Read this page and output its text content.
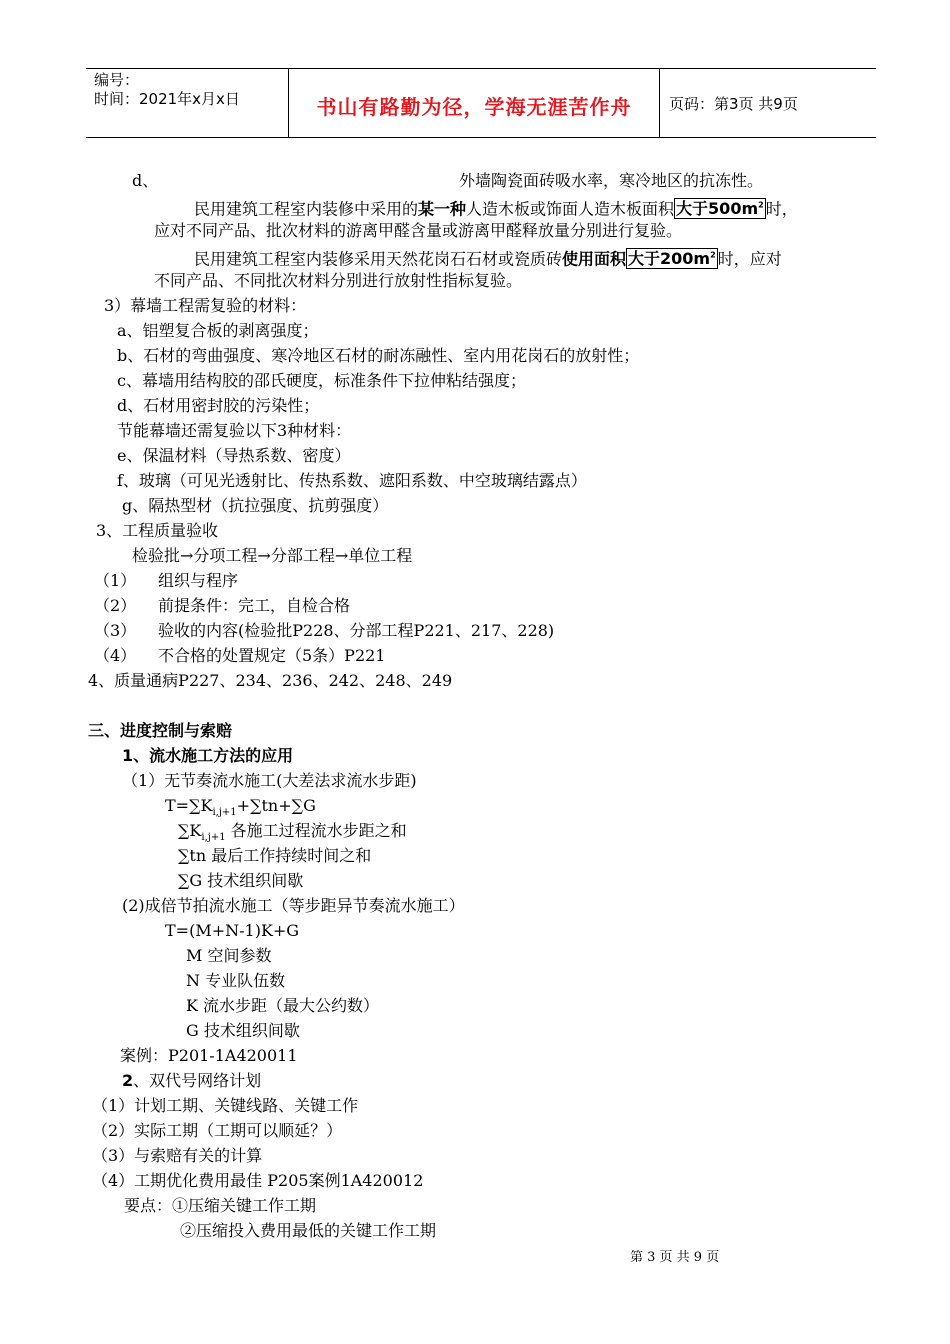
编号：
时间：2021年x月x日	书山有路勤为径，学海无涯苦作舟	页码：第3页 共9页
d、	外墙陶瓷面砖吸水率，寒冷地区的抗冻性。
民用建筑工程室内装修中采用的某一种人造木板或饰面人造木板面积 大于$500m^2$ 时，
应对不同产品、批次材料的游离甲醛含量或游离甲醛释放量分别进行复验。
民用建筑工程室内装修采用天然花岗石石材或瓷质砖使用面积 大于$200m^2$ 时，应对
不同产品、不同批次材料分别进行放射性指标复验。
3）幕墙工程需复验的材料：
a、铝塑复合板的剥离强度；
b、石材的弯曲强度、寒冷地区石材的耐冻融性、室内用花岗石的放射性；
c、幕墙用结构胶的邵氏硬度，标准条件下拉伸粘结强度；
d、石材用密封胶的污染性；
节能幕墙还需复验以下3种材料：
e、保温材料（导热系数、密度）
f、玻璃（可见光透射比、传热系数、遮阳系数、中空玻璃结露点）
g、隔热型材（抗拉强度、抗剪强度）
3、工程质量验收
检验批→分项工程→分部工程→单位工程
（1） 组织与程序
（2） 前提条件：完工，自检合格
（3） 验收的内容(检验批P228、分部工程P221、217、228)
（4） 不合格的处置规定（5条）P221
4、质量通病P227、234、236、242、248、249
三、进度控制与索赔
1、流水施工方法的应用
（1）无节奏流水施工(大差法求流水步距)
$T=\sum K_{i,j+1}+\sum tn+\sum G$
$\sum K_{i,j+1}$ 各施工过程流水步距之和
∑tn 最后工作持续时间之和
∑G 技术组织间歇
(2)成倍节拍流水施工（等步距异节奏流水施工）
T=(M+N-1)K+G
M 空间参数
N 专业队伍数
K 流水步距（最大公约数）
G 技术组织间歇
案例：P201-1A420011
2、双代号网络计划
（1）计划工期、关键线路、关键工作
（2）实际工期（工期可以顺延？）
（3）与索赔有关的计算
（4）工期优化费用最佳 P205案例1A420012
要点：①压缩关键工作工期
②压缩投入费用最低的关键工作工期
第 3 页 共 9 页
